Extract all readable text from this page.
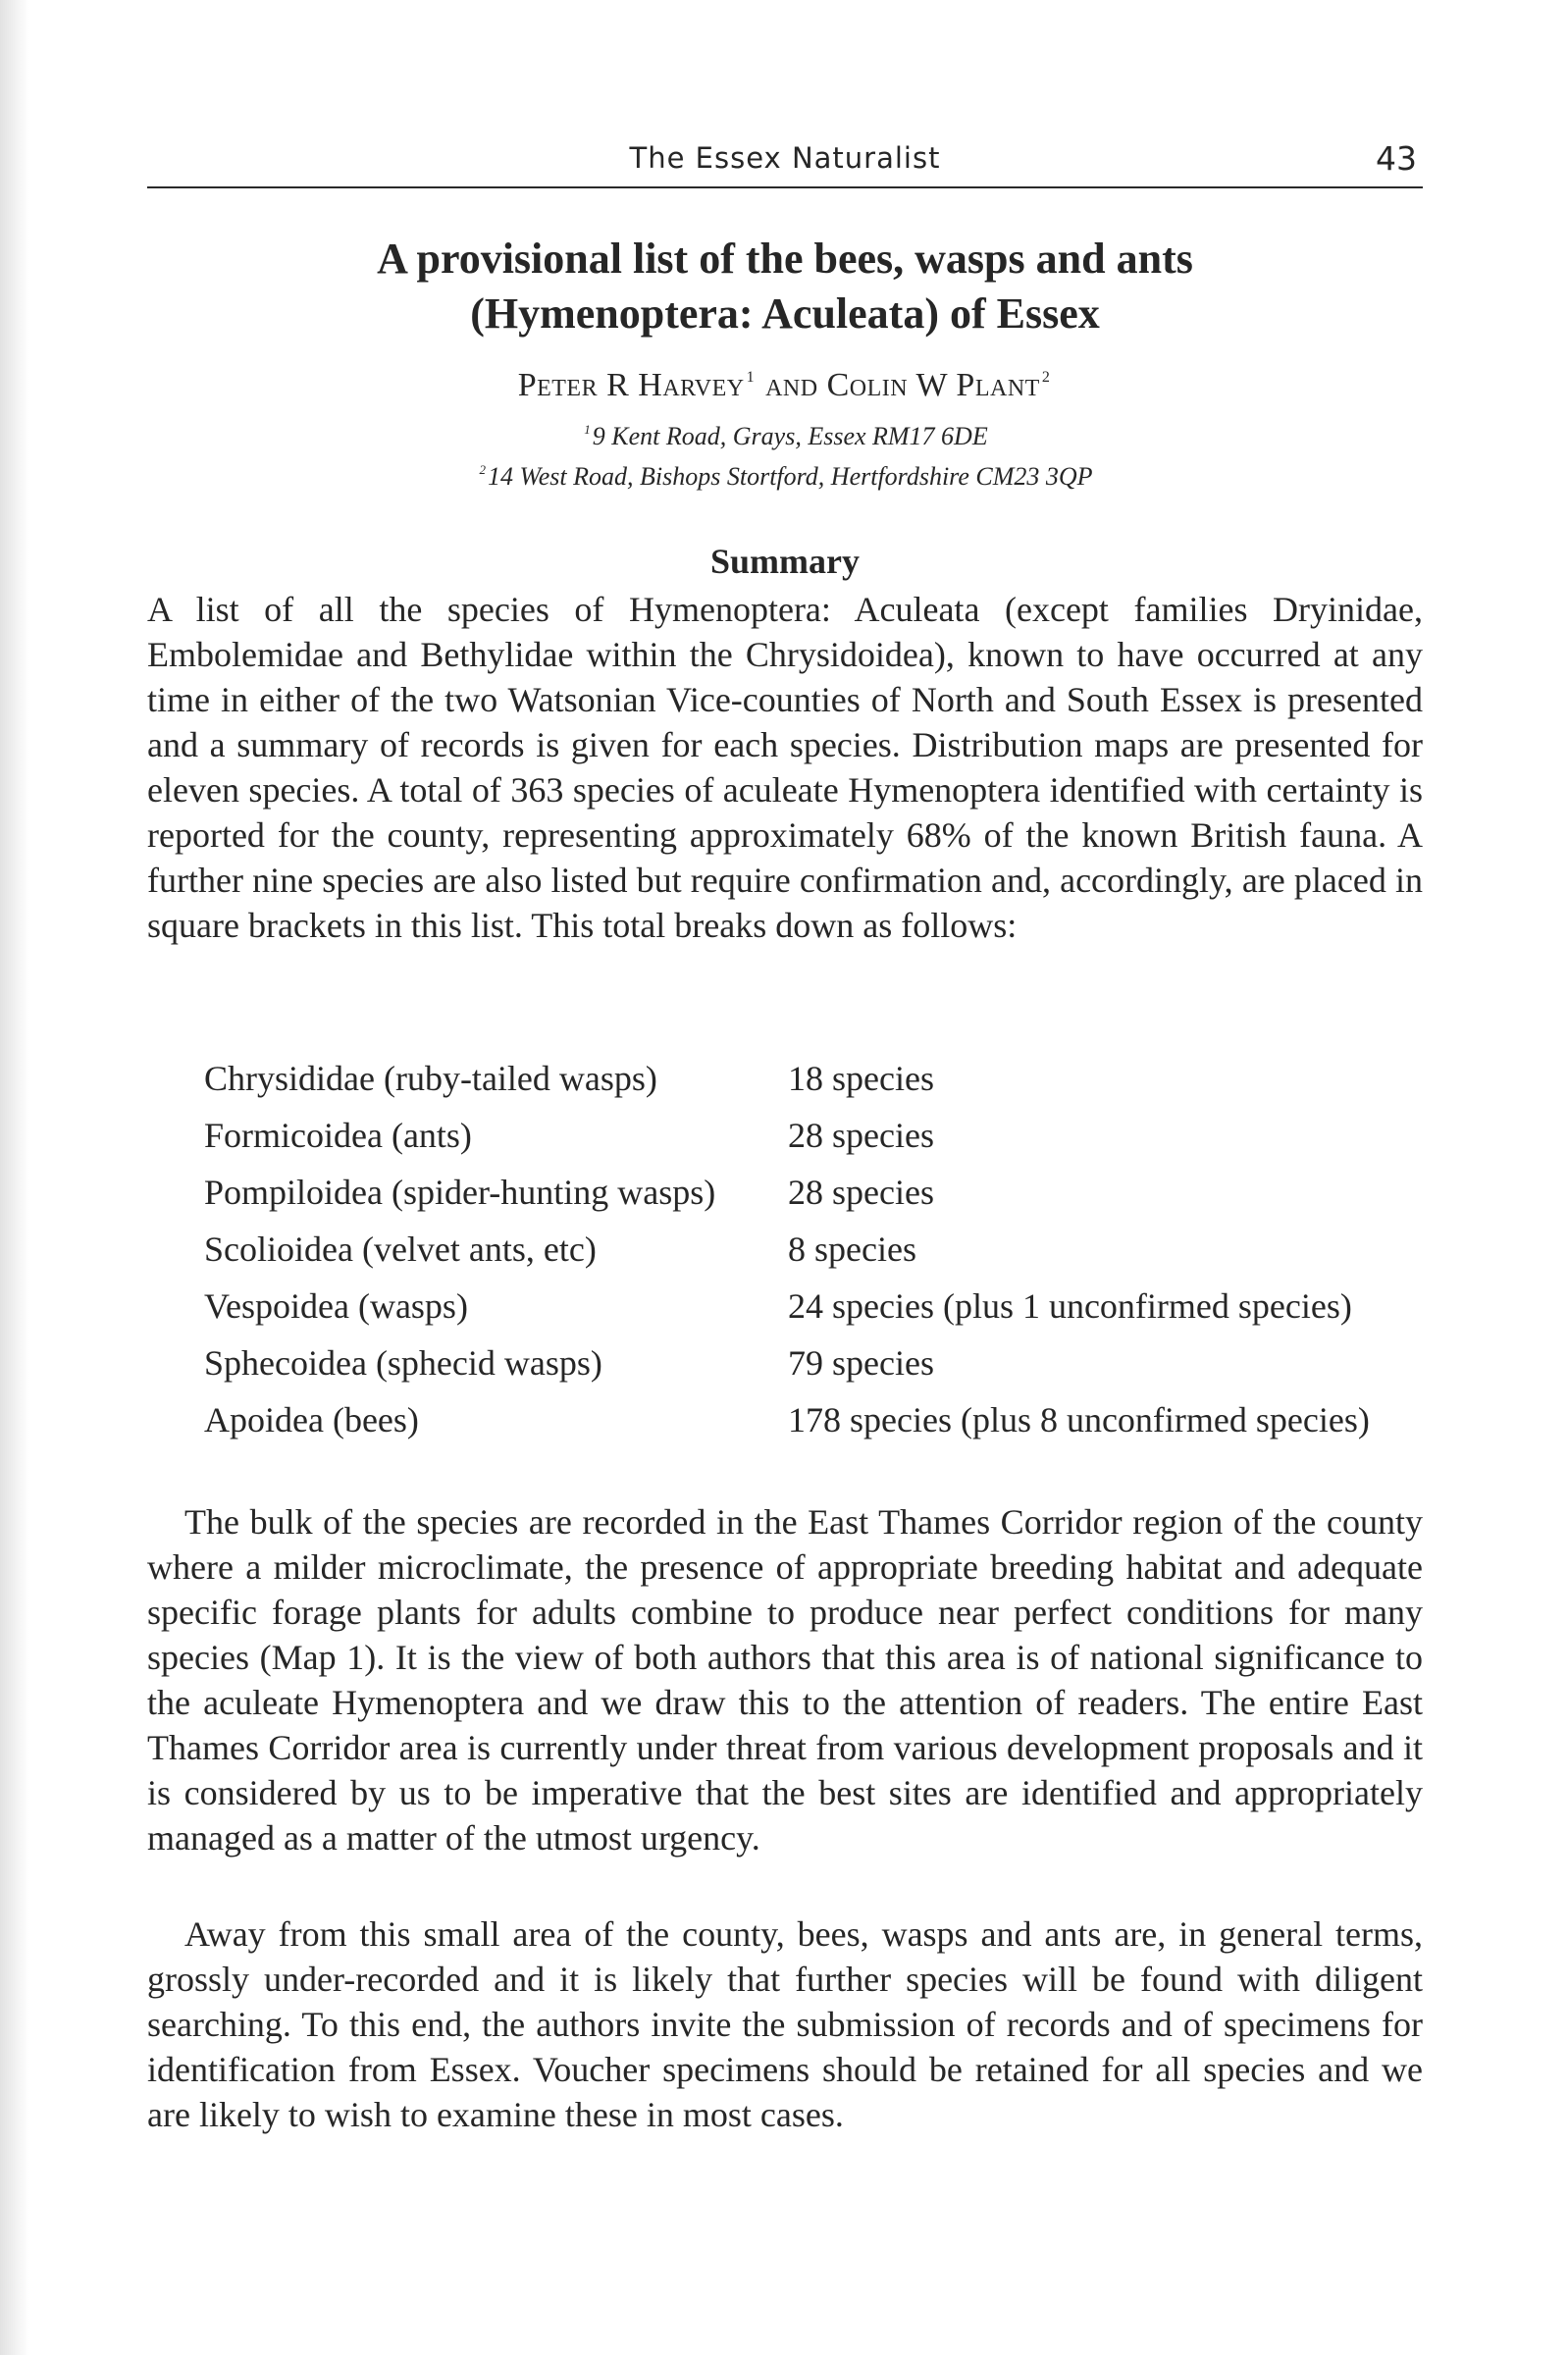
The Essex Naturalist	43
A provisional list of the bees, wasps and ants
(Hymenoptera: Aculeata) of Essex
Peter R Harvey $^1$ and Colin W Plant $^2$
$^1$9 Kent Road, Grays, Essex RM17 6DE
$^2$14 West Road, Bishops Stortford, Hertfordshire CM23 3QP
Summary

A list of all the species of Hymenoptera: Aculeata (except families Dryinidae, Embolemidae and Bethylidae within the Chrysidoidea), known to have occurred at any time in either of the two Watsonian Vice-counties of North and South Essex is presented and a summary of records is given for each species. Distribution maps are presented for eleven species. A total of 363 species of aculeate Hymenoptera identified with certainty is reported for the county, representing approximately 68% of the known British fauna. A further nine species are also listed but require confirmation and, accordingly, are placed in square brackets in this list. This total breaks down as follows:

Chrysididae (ruby-tailed wasps)	18 species
Formicoidea (ants)	28 species
Pompiloidea (spider-hunting wasps) 28 species
Scolioidea (velvet ants, etc)	8 species
Vespoidea (wasps)	24 species (plus 1 unconfirmed species)
Sphecoidea (sphecid wasps)	79 species
Apoidea (bees)	178 species (plus 8 unconfirmed species)

The bulk of the species are recorded in the East Thames Corridor region of the county where a milder microclimate, the presence of appropriate breeding habitat and adequate specific forage plants for adults combine to produce near perfect conditions for many species (Map 1). It is the view of both authors that this area is of national significance to the aculeate Hymenoptera and we draw this to the attention of readers. The entire East Thames Corridor area is currently under threat from various development proposals and it is considered by us to be imperative that the best sites are identified and appropriately managed as a matter of the utmost urgency.

Away from this small area of the county, bees, wasps and ants are, in general terms, grossly under-recorded and it is likely that further species will be found with diligent searching. To this end, the authors invite the submission of records and of specimens for identification from Essex. Voucher specimens should be retained for all species and we are likely to wish to examine these in most cases.
